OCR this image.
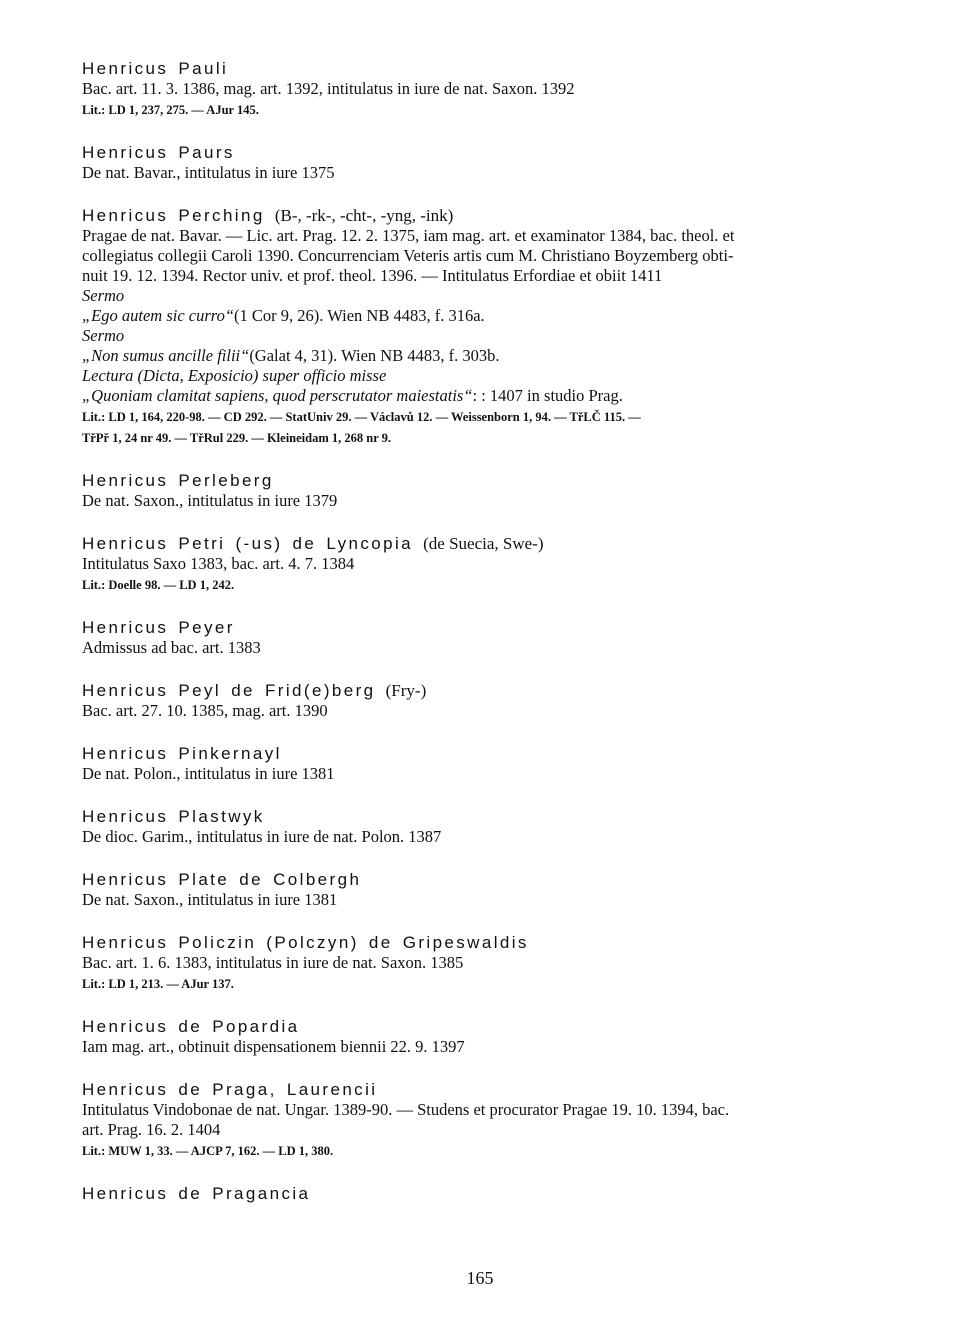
Henricus Pauli
Bac. art. 11. 3. 1386, mag. art. 1392, intitulatus in iure de nat. Saxon. 1392
Lit.: LD 1, 237, 275. — AJur 145.
Henricus Paurs
De nat. Bavar., intitulatus in iure 1375
Henricus Perching (B-, -rk-, -cht-, -yng, -ink)
Pragae de nat. Bavar. — Lic. art. Prag. 12. 2. 1375, iam mag. art. et examinator 1384, bac. theol. et
collegiatus collegii Caroli 1390. Concurrenciam Veteris artis cum M. Christiano Boyzemberg obti-
nuit 19. 12. 1394. Rector univ. et prof. theol. 1396. — Intitulatus Erfordiae et obiit 1411
Sermo
„Ego autem sic curro“(1 Cor 9, 26). Wien NB 4483, f. 316a.
Sermo
„Non sumus ancille filii“(Galat 4, 31). Wien NB 4483, f. 303b.
Lectura (Dicta, Exposicio) super officio misse
„Quoniam clamitat sapiens, quod perscrutator maiestatis“: : 1407 in studio Prag.
Lit.: LD 1, 164, 220-98. — CD 292. — StatUniv 29. — Václavů 12. — Weissenborn 1, 94. — TřLČ 115. —
TřPř 1, 24 nr 49. — TřRul 229. — Kleineidam 1, 268 nr 9.
Henricus Perleberg
De nat. Saxon., intitulatus in iure 1379
Henricus Petri (-us) de Lyncopia (de Suecia, Swe-)
Intitulatus Saxo 1383, bac. art. 4. 7. 1384
Lit.: Doelle 98. — LD 1, 242.
Henricus Peyer
Admissus ad bac. art. 1383
Henricus Peyl de Frid(e)berg (Fry-)
Bac. art. 27. 10. 1385, mag. art. 1390
Henricus Pinkernayl
De nat. Polon., intitulatus in iure 1381
Henricus Plastwyk
De dioc. Garim., intitulatus in iure de nat. Polon. 1387
Henricus Plate de Colbergh
De nat. Saxon., intitulatus in iure 1381
Henricus Policzin (Polczyn) de Gripeswaldis
Bac. art. 1. 6. 1383, intitulatus in iure de nat. Saxon. 1385
Lit.: LD 1, 213. — AJur 137.
Henricus de Popardia
Iam mag. art., obtinuit dispensationem biennii 22. 9. 1397
Henricus de Praga, Laurencii
Intitulatus Vindobonae de nat. Ungar. 1389-90. — Studens et procurator Pragae 19. 10. 1394, bac.
art. Prag. 16. 2. 1404
Lit.: MUW 1, 33. — AJCP 7, 162. — LD 1, 380.
Henricus de Pragancia
165
